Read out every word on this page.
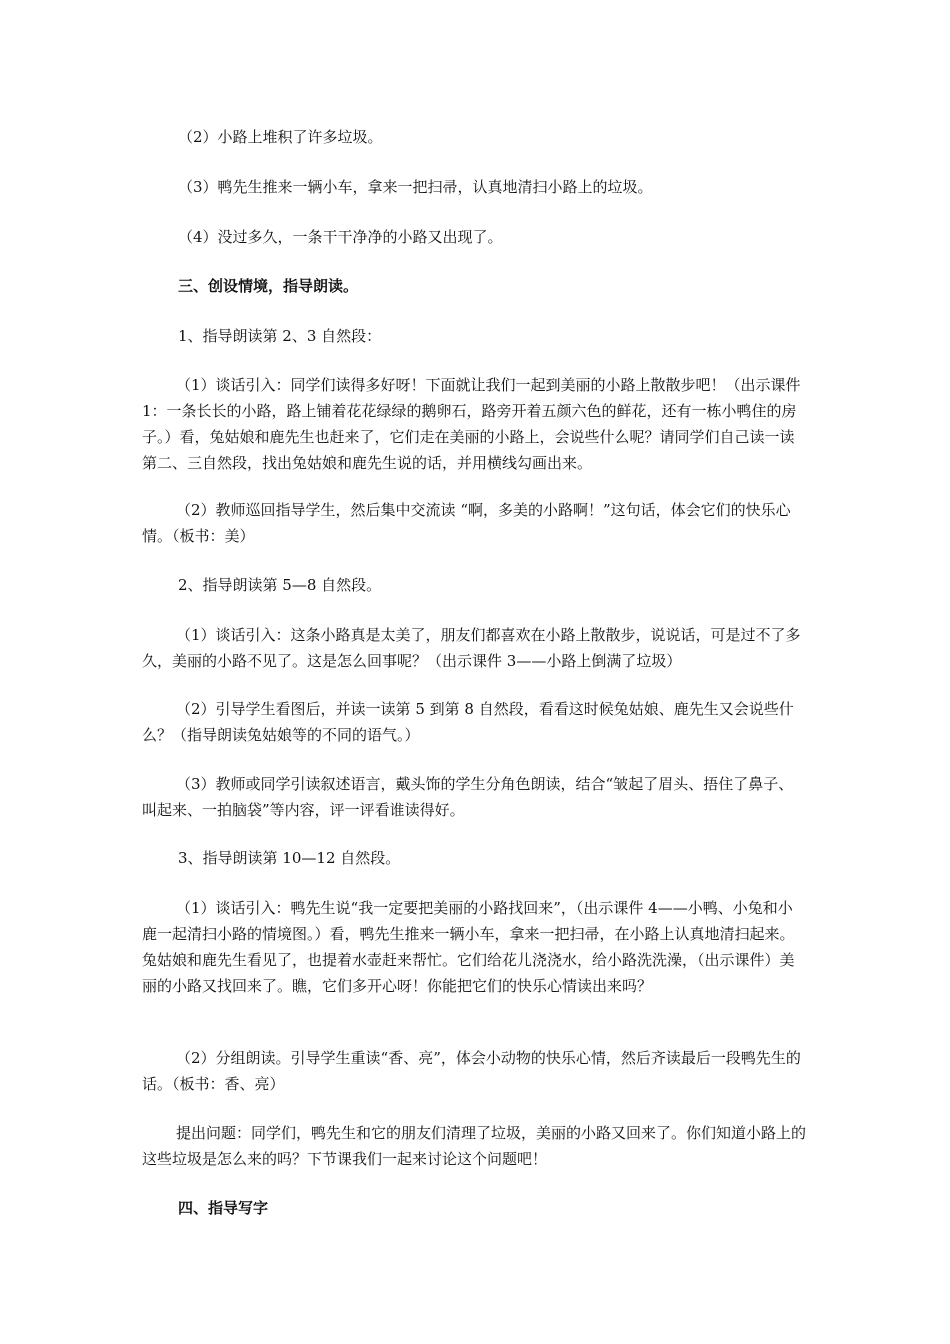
（2）小路上堆积了许多垃圾。

（3）鸭先生推来一辆小车，拿来一把扫帚，认真地清扫小路上的垃圾。

（4）没过多久，一条干干净净的小路又出现了。

三、创设情境，指导朗读。

1、指导朗读第 2、3 自然段：

（1）谈话引入：同学们读得多好呀！下面就让我们一起到美丽的小路上散散步吧！（出示课件 1：一条长长的小路，路上铺着花花绿绿的鹅卵石，路旁开着五颜六色的鲜花，还有一栋小鸭住的房子。）看，兔姑娘和鹿先生也赶来了，它们走在美丽的小路上，会说些什么呢？请同学们自己读一读第二、三自然段，找出兔姑娘和鹿先生说的话，并用横线勾画出来。

（2）教师巡回指导学生，然后集中交流读 “啊，多美的小路啊！”这句话，体会它们的快乐心情。（板书：美）

2、指导朗读第 5—8 自然段。

（1）谈话引入：这条小路真是太美了，朋友们都喜欢在小路上散散步，说说话，可是过不了多久，美丽的小路不见了。这是怎么回事呢？（出示课件 3——小路上倒满了垃圾）

（2）引导学生看图后，并读一读第 5 到第 8 自然段，看看这时候兔姑娘、鹿先生又会说些什么？（指导朗读兔姑娘等的不同的语气。）

（3）教师或同学引读叙述语言，戴头饰的学生分角色朗读，结合“皱起了眉头、捂住了鼻子、叫起来、一拍脑袋”等内容，评一评看谁读得好。

3、指导朗读第 10—12 自然段。

（1）谈话引入：鸭先生说“我一定要把美丽的小路找回来”，（出示课件 4——小鸭、小兔和小鹿一起清扫小路的情境图。）看，鸭先生推来一辆小车，拿来一把扫帚，在小路上认真地清扫起来。兔姑娘和鹿先生看见了，也提着水壶赶来帮忙。它们给花儿浇浇水，给小路洗洗澡，（出示课件）美丽的小路又找回来了。瞧，它们多开心呀！你能把它们的快乐心情读出来吗？

（2）分组朗读。引导学生重读“香、亮”，体会小动物的快乐心情，然后齐读最后一段鸭先生的话。（板书：香、亮）

提出问题：同学们，鸭先生和它的朋友们清理了垃圾，美丽的小路又回来了。你们知道小路上的这些垃圾是怎么来的吗？下节课我们一起来讨论这个问题吧！

四、指导写字
